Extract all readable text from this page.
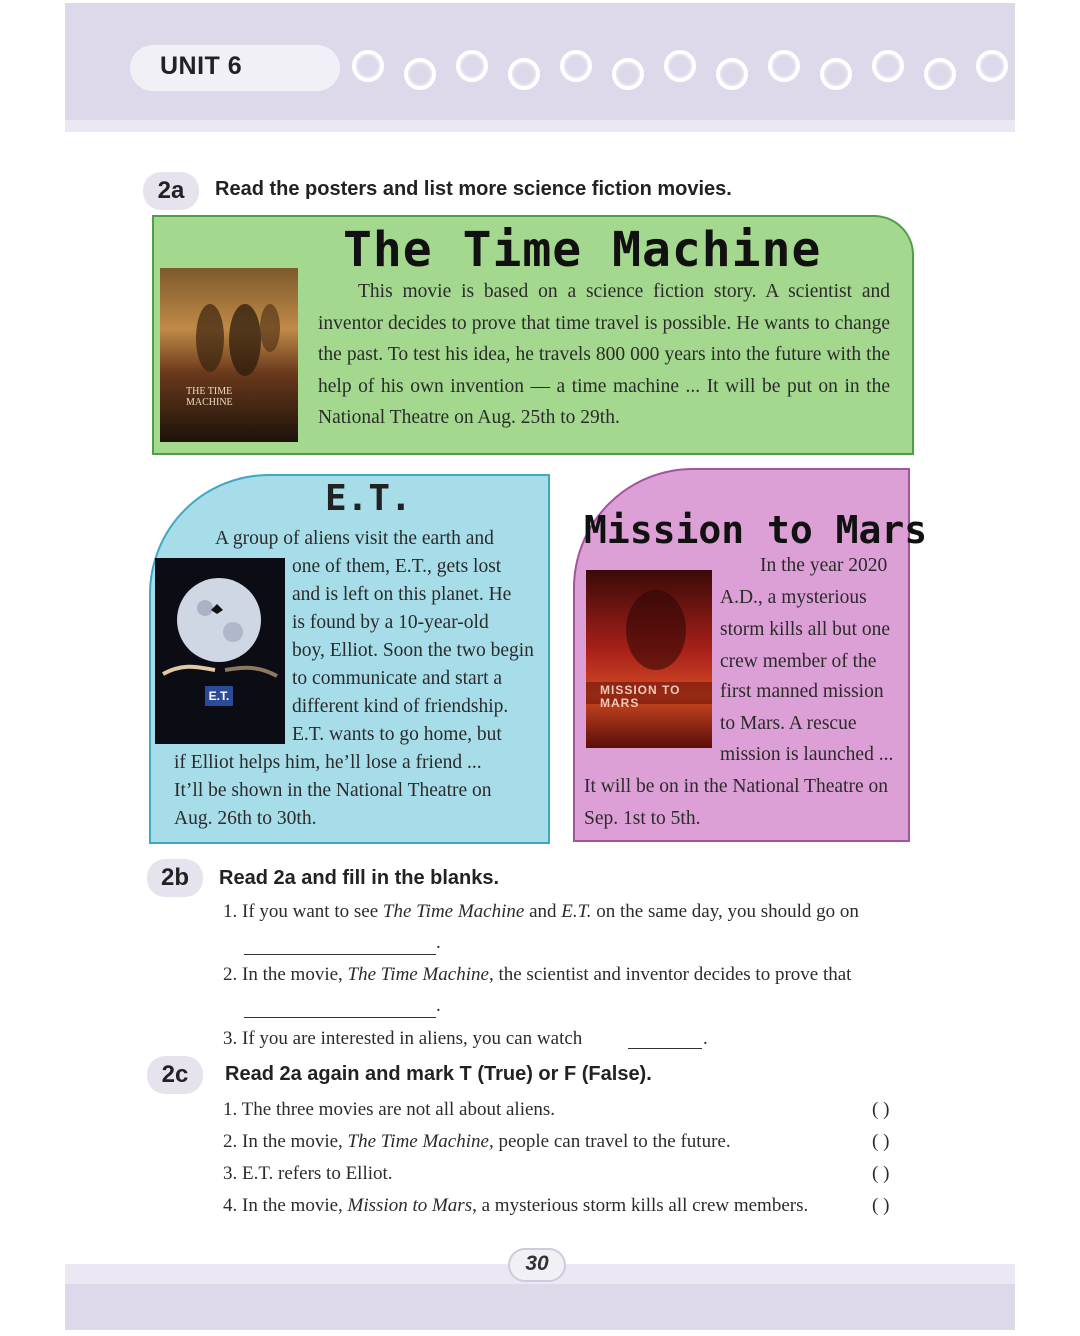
UNIT 6
2a	Read the posters and list more science fiction movies.
The Time Machine
THE TIME MACHINE
This movie is based on a science fiction story. A scientist and inventor decides to prove that time travel is possible. He wants to change the past. To test his idea, he travels 800 000 years into the future with the help of his own invention — a time machine ... It will be put on in the National Theatre on Aug. 25th to 29th.
E.T.
E.T.
A group of aliens visit the earth and
one of them, E.T., gets lost
and is left on this planet. He
is found by a 10-year-old
boy, Elliot. Soon the two begin
to communicate and start a
different kind of friendship.
E.T. wants to go home, but
if Elliot helps him, he’ll lose a friend ...
It’ll be shown in the National Theatre on
Aug. 26th to 30th.
Mission to Mars
MISSION TO MARS
In the year 2020
A.D., a mysterious
storm kills all but one
crew member of the
first manned mission
to Mars. A rescue
mission is launched ...
It will be on in the National Theatre on
Sep. 1st to 5th.
2b	Read 2a and fill in the blanks.
1. If you want to see The Time Machine and E.T. on the same day, you should go on
.
2. In the movie, The Time Machine, the scientist and inventor decides to prove that
.
3. If you are interested in aliens, you can watch	.
2c	Read 2a again and mark T (True) or F (False).
1. The three movies are not all about aliens.	( )
2. In the movie, The Time Machine, people can travel to the future.	( )
3. E.T. refers to Elliot.	( )
4. In the movie, Mission to Mars, a mysterious storm kills all crew members.	( )
30
